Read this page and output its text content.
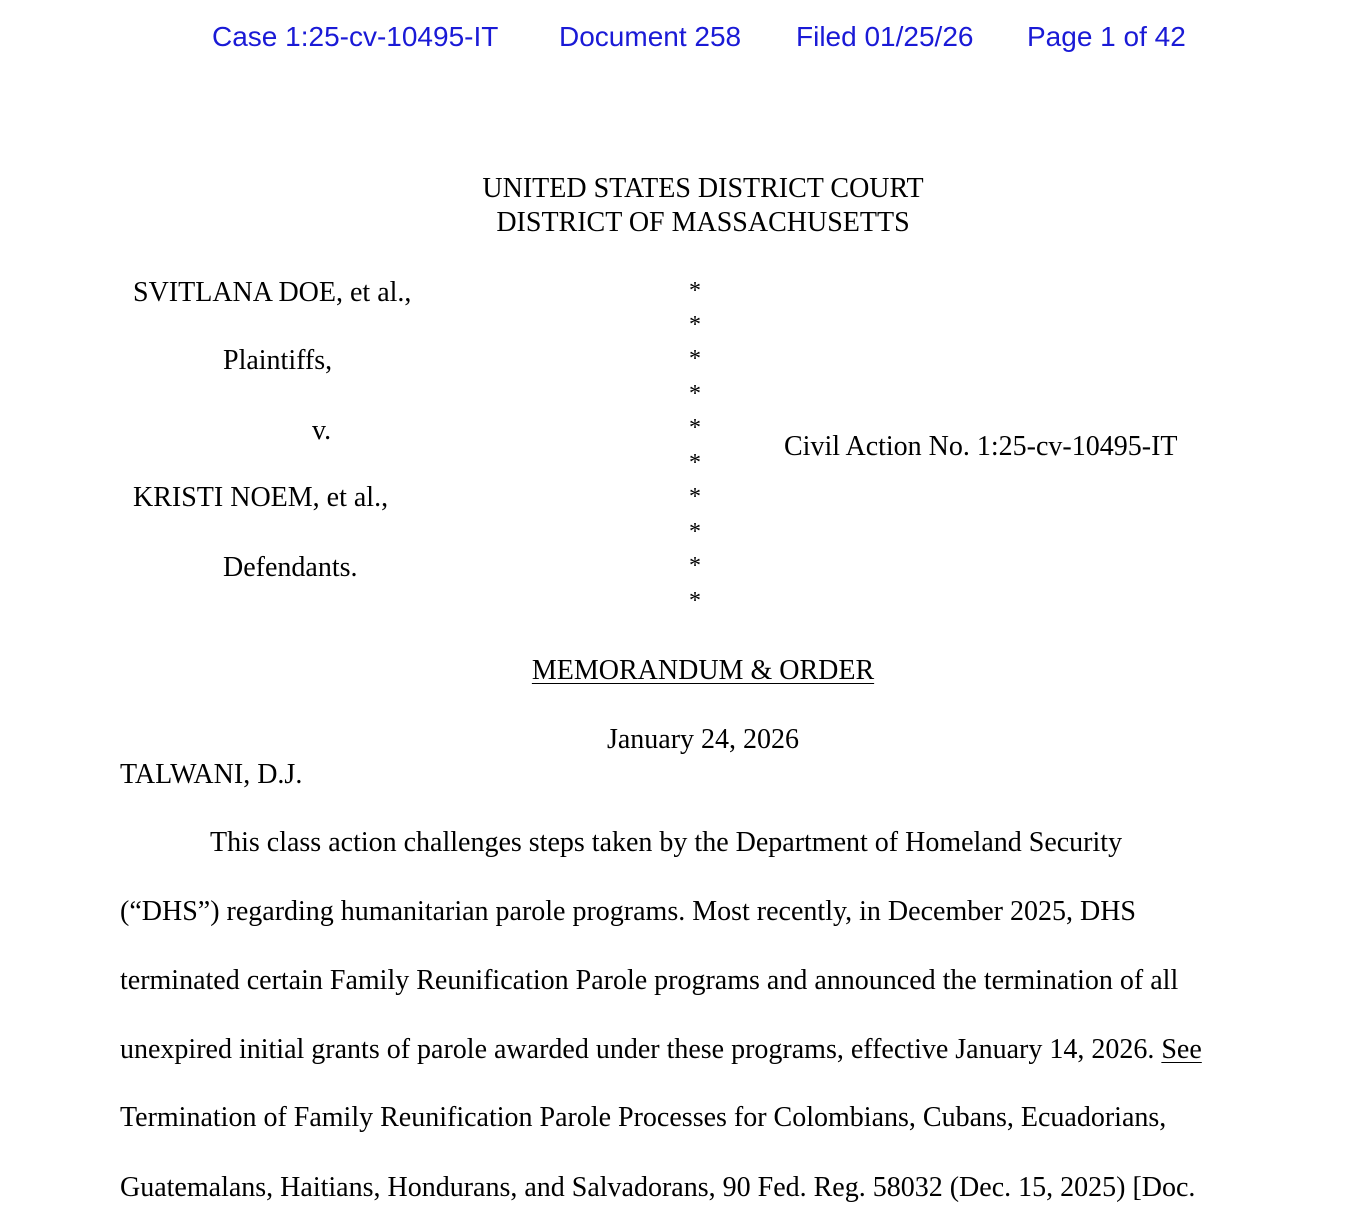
Case 1:25-cv-10495-IT Document 258 Filed 01/25/26 Page 1 of 42
UNITED STATES DISTRICT COURT
DISTRICT OF MASSACHUSETTS
SVITLANA DOE, et al.,
Plaintiffs,
v.
KRISTI NOEM, et al.,
Defendants.
*
*
*
*
*
*
*
*
*
*
Civil Action No. 1:25-cv-10495-IT
MEMORANDUM & ORDER
January 24, 2026
TALWANI, D.J.
This class action challenges steps taken by the Department of Homeland Security
(“DHS”) regarding humanitarian parole programs. Most recently, in December 2025, DHS
terminated certain Family Reunification Parole programs and announced the termination of all
unexpired initial grants of parole awarded under these programs, effective January 14, 2026. See
Termination of Family Reunification Parole Processes for Colombians, Cubans, Ecuadorians,
Guatemalans, Haitians, Hondurans, and Salvadorans, 90 Fed. Reg. 58032 (Dec. 15, 2025) [Doc.
